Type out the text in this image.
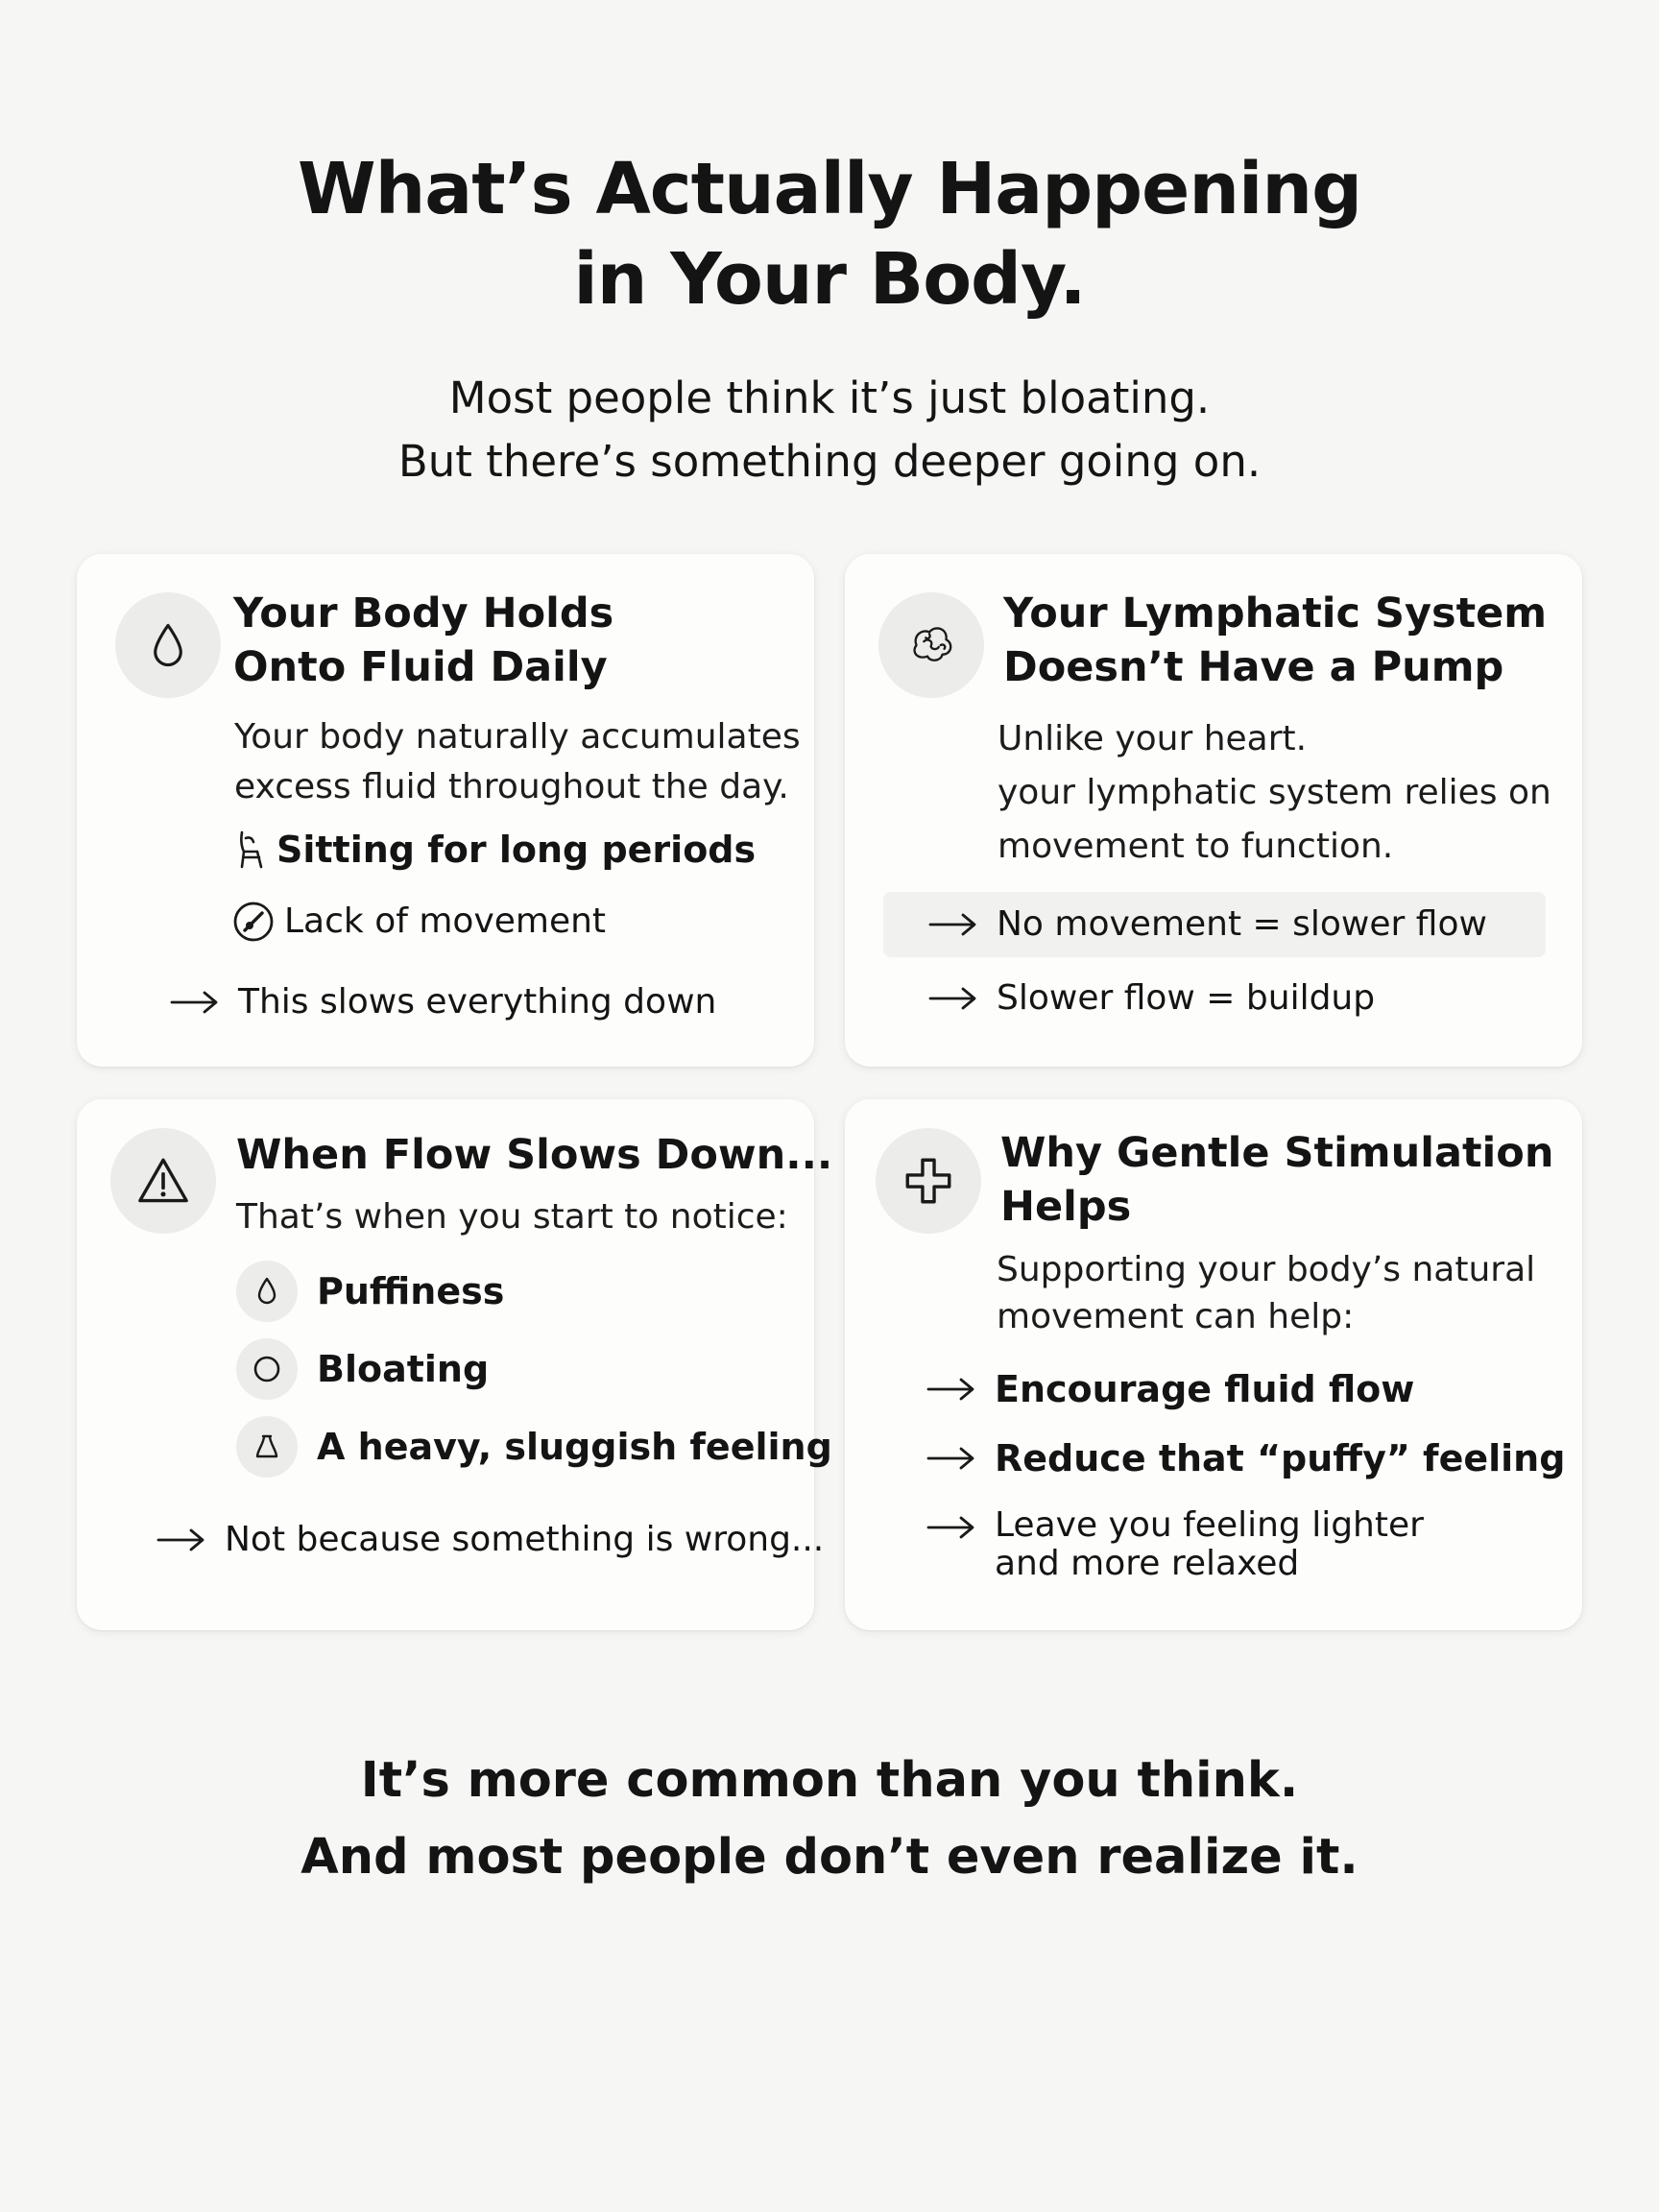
What’s Actually Happening
in Your Body.
Most people think it’s just bloating.
But there’s something deeper going on.
Your Body Holds
Onto Fluid Daily
Your body naturally accumulates
excess fluid throughout the day.
Sitting for long periods
Lack of movement
This slows everything down
Your Lymphatic System
Doesn’t Have a Pump
Unlike your heart.
your lymphatic system relies on
movement to function.
No movement = slower flow
Slower flow = buildup
When Flow Slows Down...
That’s when you start to notice:
Puffiness
Bloating
A heavy, sluggish feeling
Not because something is wrong...
Why Gentle Stimulation
Helps
Supporting your body’s natural
movement can help:
Encourage fluid flow
Reduce that “puffy” feeling
Leave you feeling lighter
and more relaxed
It’s more common than you think.
And most people don’t even realize it.
